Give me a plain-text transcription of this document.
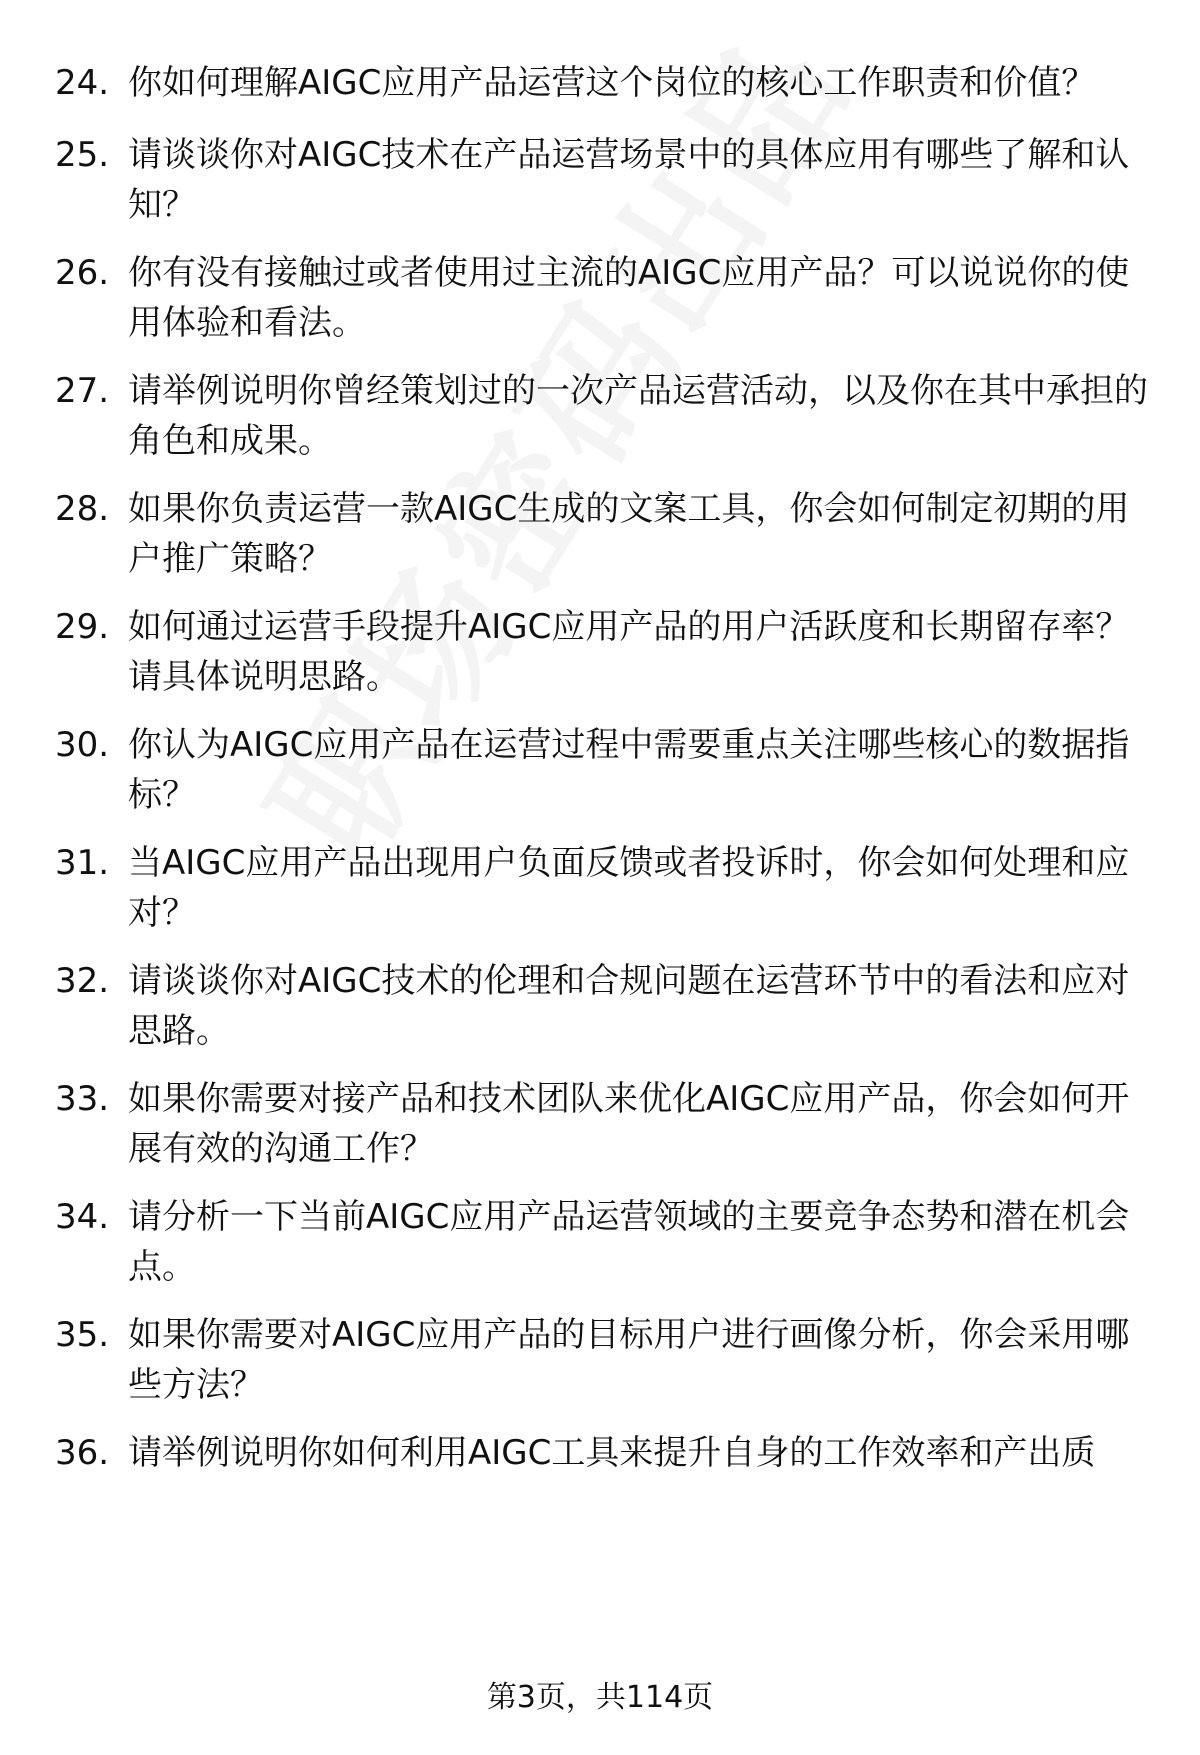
24. 你如何理解AIGC应用产品运营这个岗位的核心工作职责和价值？
25. 请谈谈你对AIGC技术在产品运营场景中的具体应用有哪些了解和认知？
26. 你有没有接触过或者使用过主流的AIGC应用产品？可以说说你的使用体验和看法。
27. 请举例说明你曾经策划过的一次产品运营活动，以及你在其中承担的角色和成果。
28. 如果你负责运营一款AIGC生成的文案工具，你会如何制定初期的用户推广策略？
29. 如何通过运营手段提升AIGC应用产品的用户活跃度和长期留存率？请具体说明思路。
30. 你认为AIGC应用产品在运营过程中需要重点关注哪些核心的数据指标？
31. 当AIGC应用产品出现用户负面反馈或者投诉时，你会如何处理和应对？
32. 请谈谈你对AIGC技术的伦理和合规问题在运营环节中的看法和应对思路。
33. 如果你需要对接产品和技术团队来优化AIGC应用产品，你会如何开展有效的沟通工作？
34. 请分析一下当前AIGC应用产品运营领域的主要竞争态势和潜在机会点。
35. 如果你需要对AIGC应用产品的目标用户进行画像分析，你会采用哪些方法？
36. 请举例说明你如何利用AIGC工具来提升自身的工作效率和产出质
第3页，共114页
